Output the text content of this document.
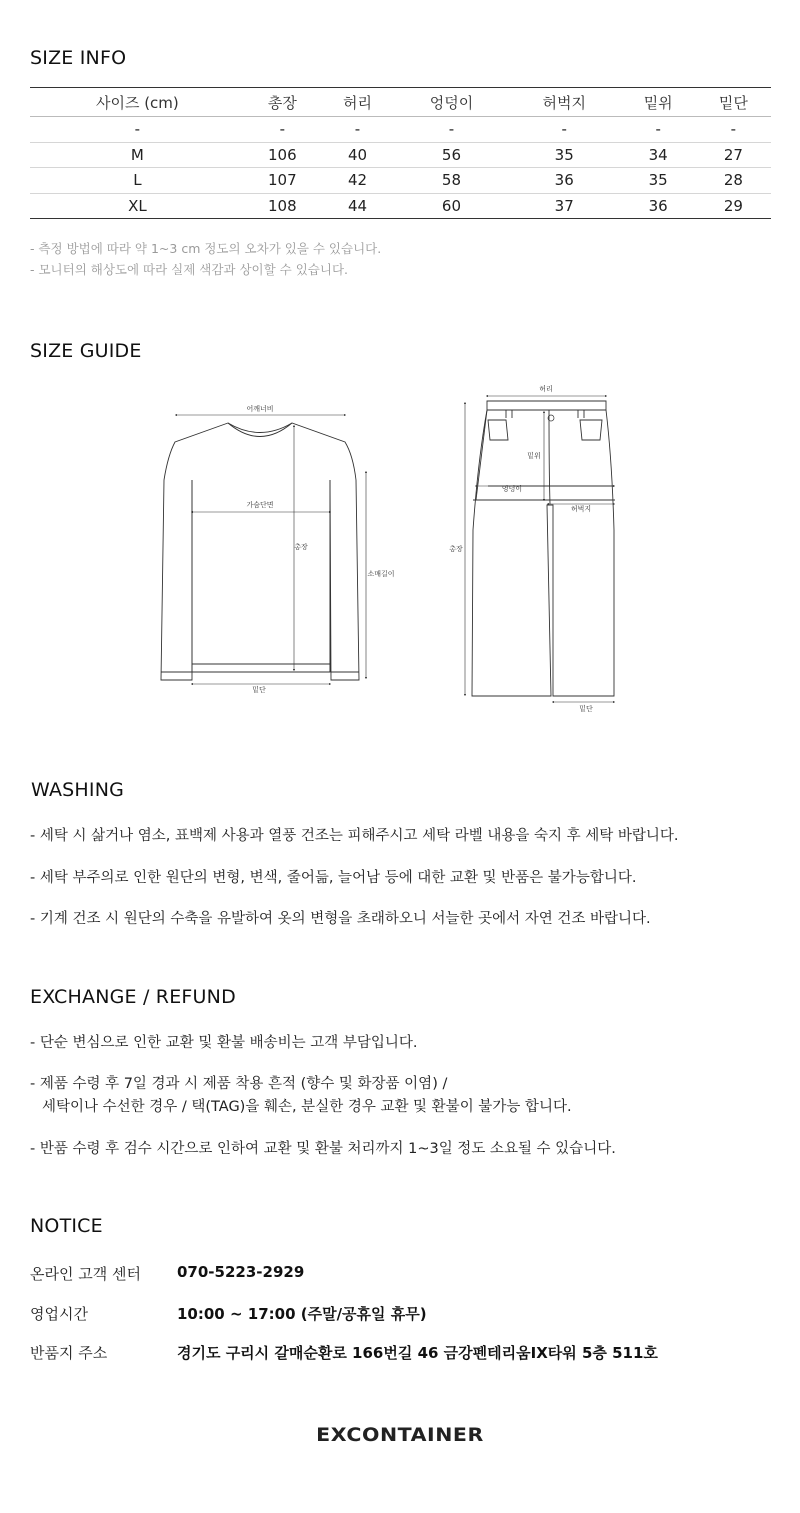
SIZE INFO
사이즈 (cm)	총장	허리	엉덩이	허벅지	밑위	밑단
-	-	-	-	-	-	-
M	106	40	56	35	34	27
L	107	42	58	36	35	28
XL	108	44	60	37	36	29
- 측정 방법에 따라 약 1~3 cm 정도의 오차가 있을 수 있습니다.
- 모니터의 해상도에 따라 실제 색감과 상이할 수 있습니다.
SIZE GUIDE
어깨너비
가슴단면
총장
소매길이
밑단
허리
밑위
엉덩이
허벅지
총장
밑단
WASHING
- 세탁 시 삶거나 염소, 표백제 사용과 열풍 건조는 피해주시고 세탁 라벨 내용을 숙지 후 세탁 바랍니다.
- 세탁 부주의로 인한 원단의 변형, 변색, 줄어듦, 늘어남 등에 대한 교환 및 반품은 불가능합니다.
- 기계 건조 시 원단의 수축을 유발하여 옷의 변형을 초래하오니 서늘한 곳에서 자연 건조 바랍니다.
EXCHANGE / REFUND
- 단순 변심으로 인한 교환 및 환불 배송비는 고객 부담입니다.
- 제품 수령 후 7일 경과 시 제품 착용 흔적 (향수 및 화장품 이염) /
세탁이나 수선한 경우 / 택(TAG)을 훼손, 분실한 경우 교환 및 환불이 불가능 합니다.
- 반품 수령 후 검수 시간으로 인하여 교환 및 환불 처리까지 1~3일 정도 소요될 수 있습니다.
NOTICE
온라인 고객 센터 070-5223-2929
영업시간	10:00 ~ 17:00 (주말/공휴일 휴무)
반품지 주소	경기도 구리시 갈매순환로 166번길 46 금강펜테리움IX타워 5층 511호
EXCONTAINER
